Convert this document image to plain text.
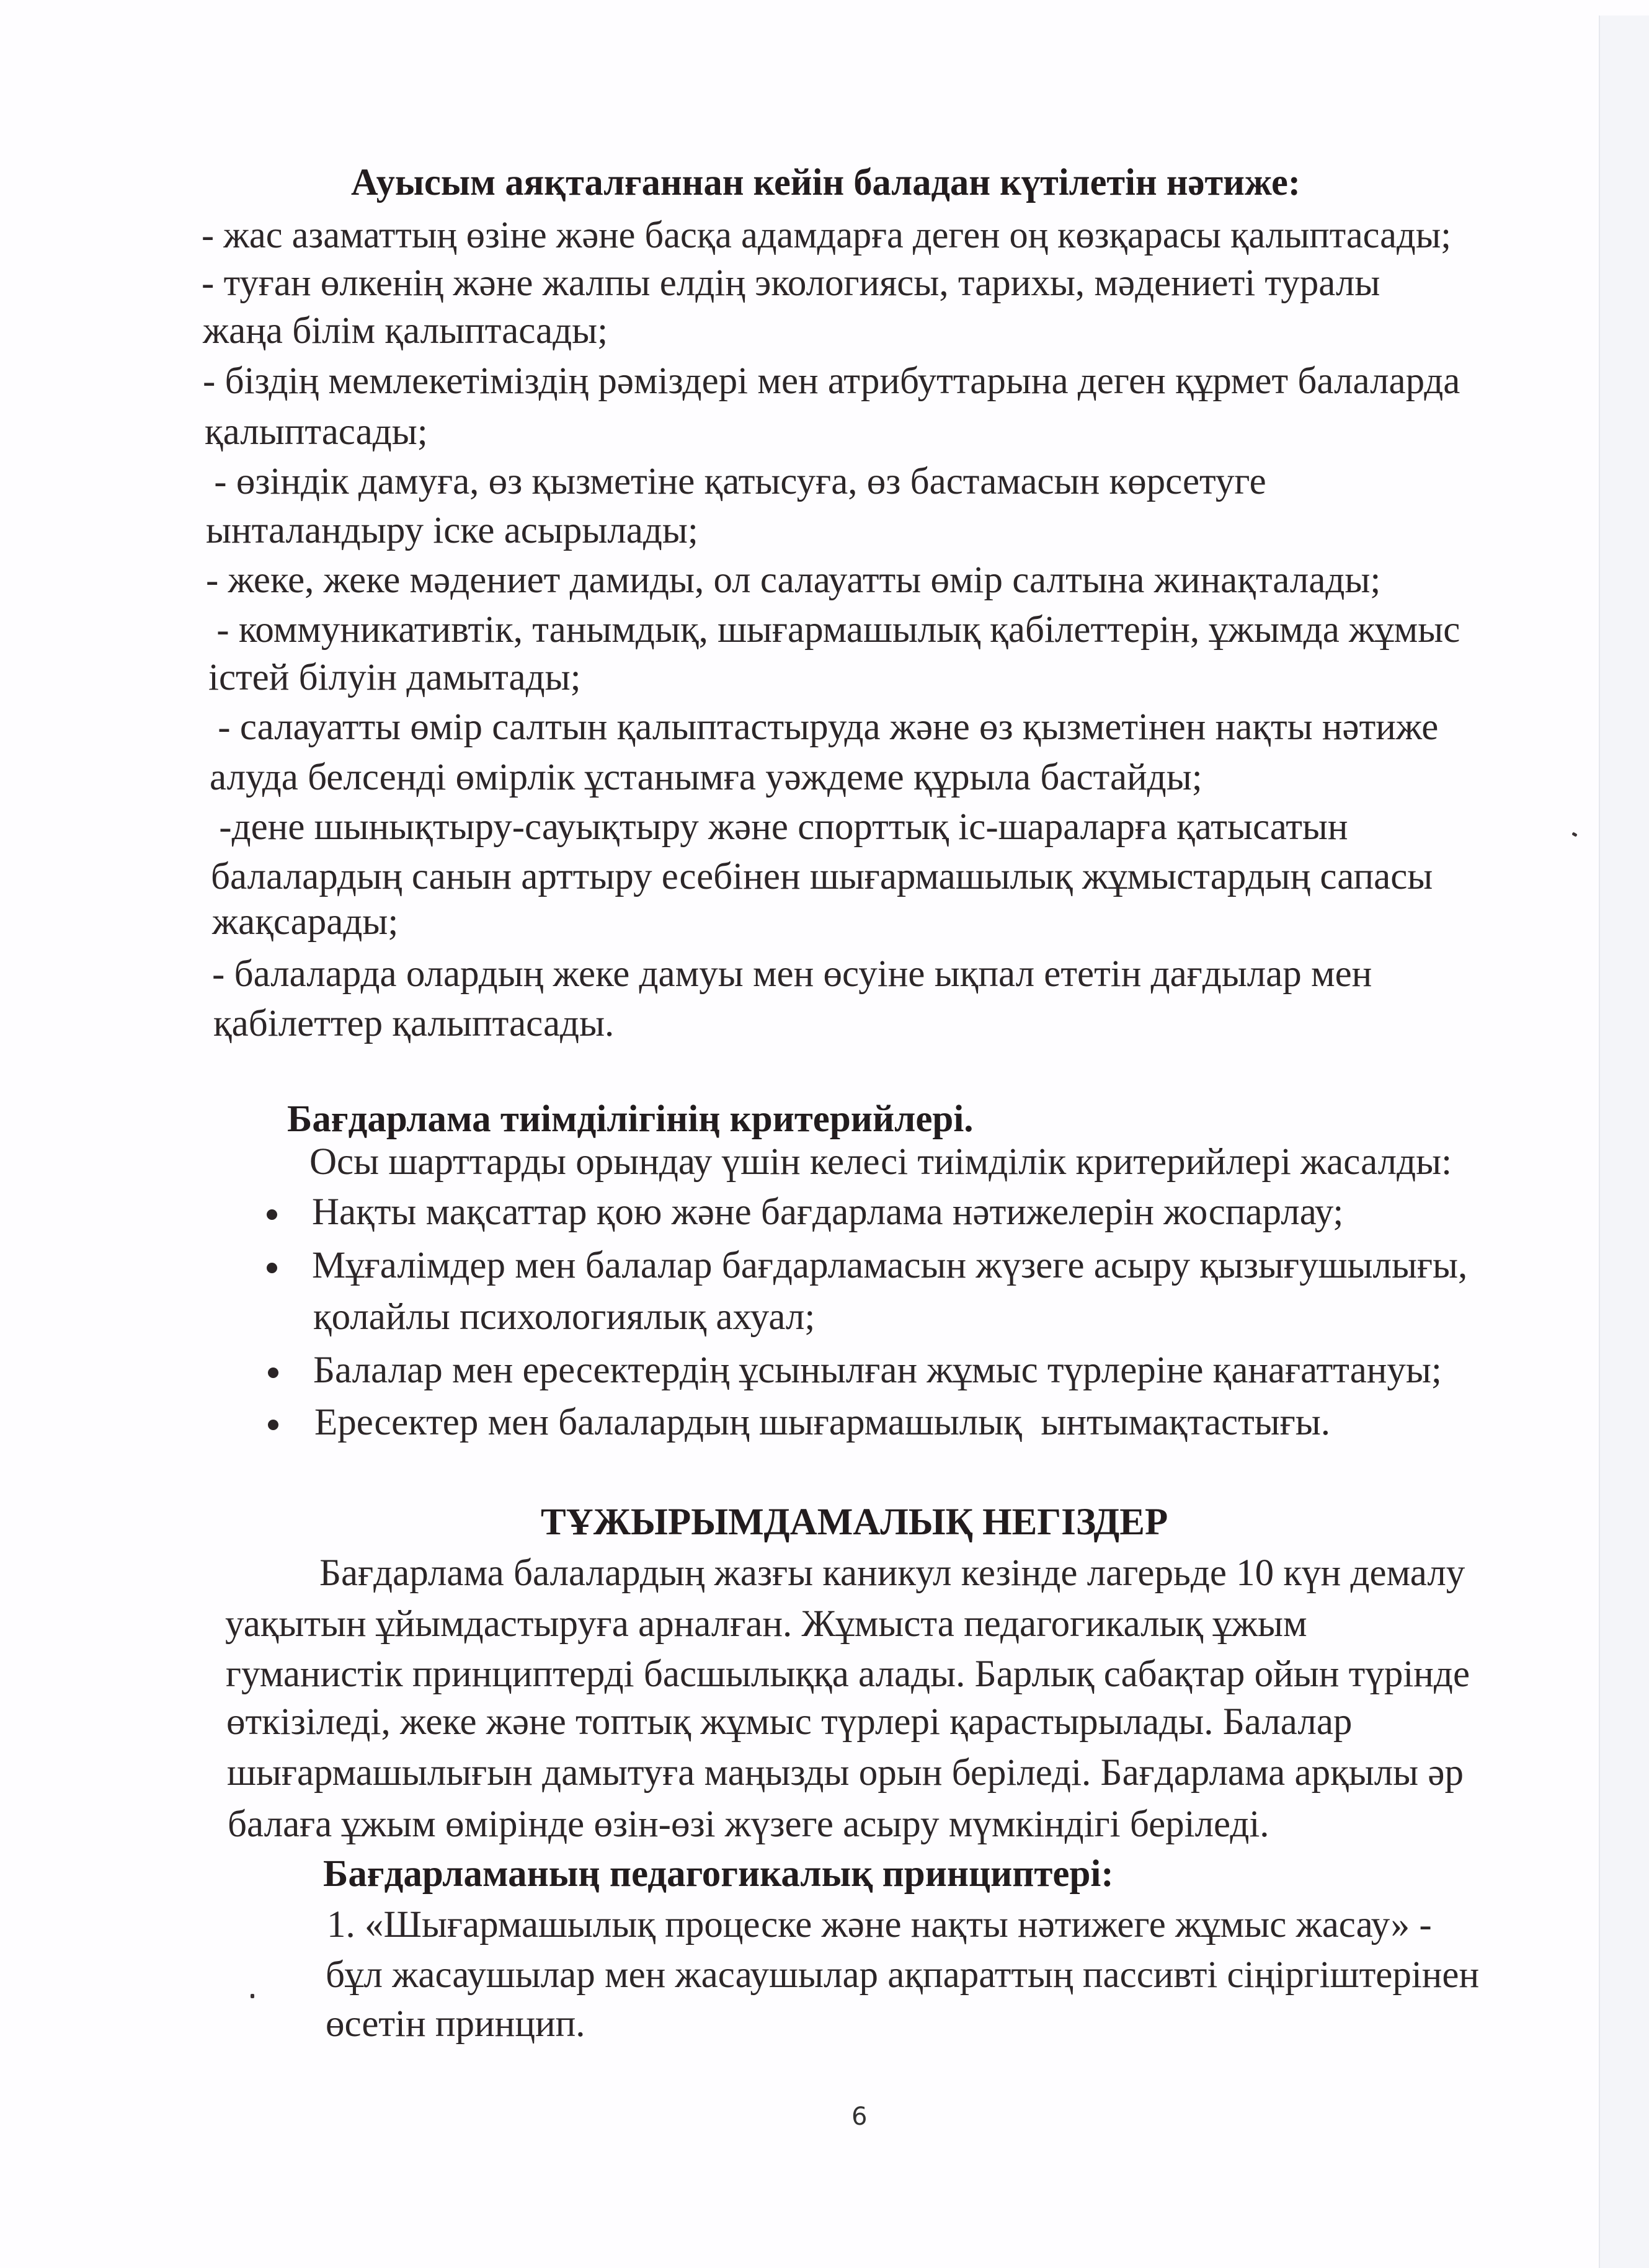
Ауысым аяқталғаннан кейін баладан күтілетін нәтиже:
- жас азаматтың өзіне және басқа адамдарға деген оң көзқарасы қалыптасады;
- туған өлкенің және жалпы елдің экологиясы, тарихы, мәдениеті туралы
жаңа білім қалыптасады;
- біздің мемлекетіміздің рәміздері мен атрибуттарына деген құрмет балаларда
қалыптасады;
- өзіндік дамуға, өз қызметіне қатысуға, өз бастамасын көрсетуге
ынталандыру іске асырылады;
- жеке, жеке мәдениет дамиды, ол салауатты өмір салтына жинақталады;
- коммуникативтік, танымдық, шығармашылық қабілеттерін, ұжымда жұмыс
істей білуін дамытады;
- салауатты өмір салтын қалыптастыруда және өз қызметінен нақты нәтиже
алуда белсенді өмірлік ұстанымға уәждеме құрыла бастайды;
-дене шынықтыру-сауықтыру және спорттық іс-шараларға қатысатын
балалардың санын арттыру есебінен шығармашылық жұмыстардың сапасы
жақсарады;
- балаларда олардың жеке дамуы мен өсуіне ықпал ететін дағдылар мен
қабілеттер қалыптасады.
Бағдарлама тиімділігінің критерийлері.
Осы шарттарды орындау үшін келесі тиімділік критерийлері жасалды:
Нақты мақсаттар қою және бағдарлама нәтижелерін жоспарлау;
Мұғалімдер мен балалар бағдарламасын жүзеге асыру қызығушылығы,
қолайлы психологиялық ахуал;
Балалар мен ересектердің ұсынылған жұмыс түрлеріне қанағаттануы;
Ересектер мен балалардың шығармашылық  ынтымақтастығы.
ТҰЖЫРЫМДАМАЛЫҚ НЕГІЗДЕР
Бағдарлама балалардың жазғы каникул кезінде лагерьде 10 күн демалу
уақытын ұйымдастыруға арналған. Жұмыста педагогикалық ұжым
гуманистік принциптерді басшылыққа алады. Барлық сабақтар ойын түрінде
өткізіледі, жеке және топтық жұмыс түрлері қарастырылады. Балалар
шығармашылығын дамытуға маңызды орын беріледі. Бағдарлама арқылы әр
балаға ұжым өмірінде өзін-өзі жүзеге асыру мүмкіндігі беріледі.
Бағдарламаның педагогикалық принциптері:
1. «Шығармашылық процеске және нақты нәтижеге жұмыс жасау» -
бұл жасаушылар мен жасаушылар ақпараттың пассивті сіңіргіштерінен
өсетін принцип.
6
